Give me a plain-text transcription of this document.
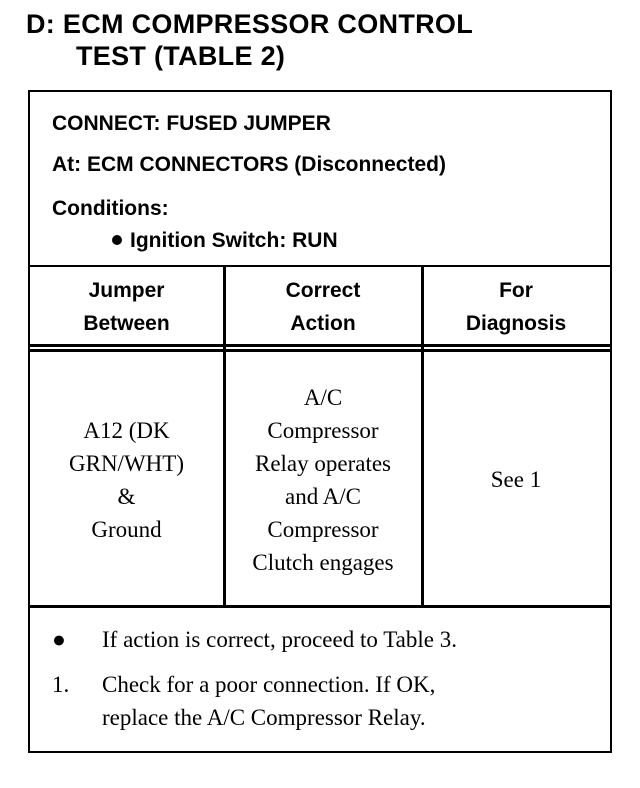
D: ECM COMPRESSOR CONTROL
TEST (TABLE 2)
CONNECT: FUSED JUMPER
At: ECM CONNECTORS (Disconnected)
Conditions:
Ignition Switch: RUN
Jumper
Between
Correct
Action
For
Diagnosis
A12 (DK
GRN/WHT)
&
Ground
A/C
Compressor
Relay operates
and A/C
Compressor
Clutch engages
See 1
● If action is correct, proceed to Table 3.
1. Check for a poor connection. If OK,
replace the A/C Compressor Relay.
